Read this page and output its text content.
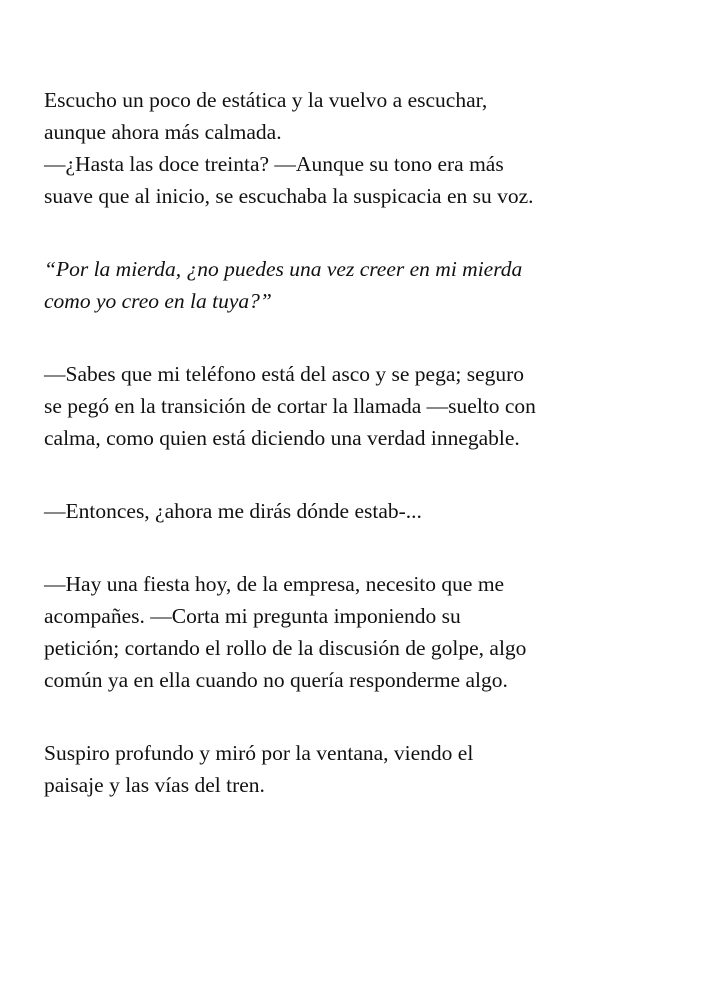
Escucho un poco de estática y la vuelvo a escuchar,
aunque ahora más calmada.
—¿Hasta las doce treinta? —Aunque su tono era más
suave que al inicio, se escuchaba la suspicacia en su voz.
“Por la mierda, ¿no puedes una vez creer en mi mierda
como yo creo en la tuya?”
—Sabes que mi teléfono está del asco y se pega; seguro
se pegó en la transición de cortar la llamada —suelto con
calma, como quien está diciendo una verdad innegable.
—Entonces, ¿ahora me dirás dónde estab-...
—Hay una fiesta hoy, de la empresa, necesito que me
acompañes. —Corta mi pregunta imponiendo su
petición; cortando el rollo de la discusión de golpe, algo
común ya en ella cuando no quería responderme algo.
Suspiro profundo y miró por la ventana, viendo el
paisaje y las vías del tren.
